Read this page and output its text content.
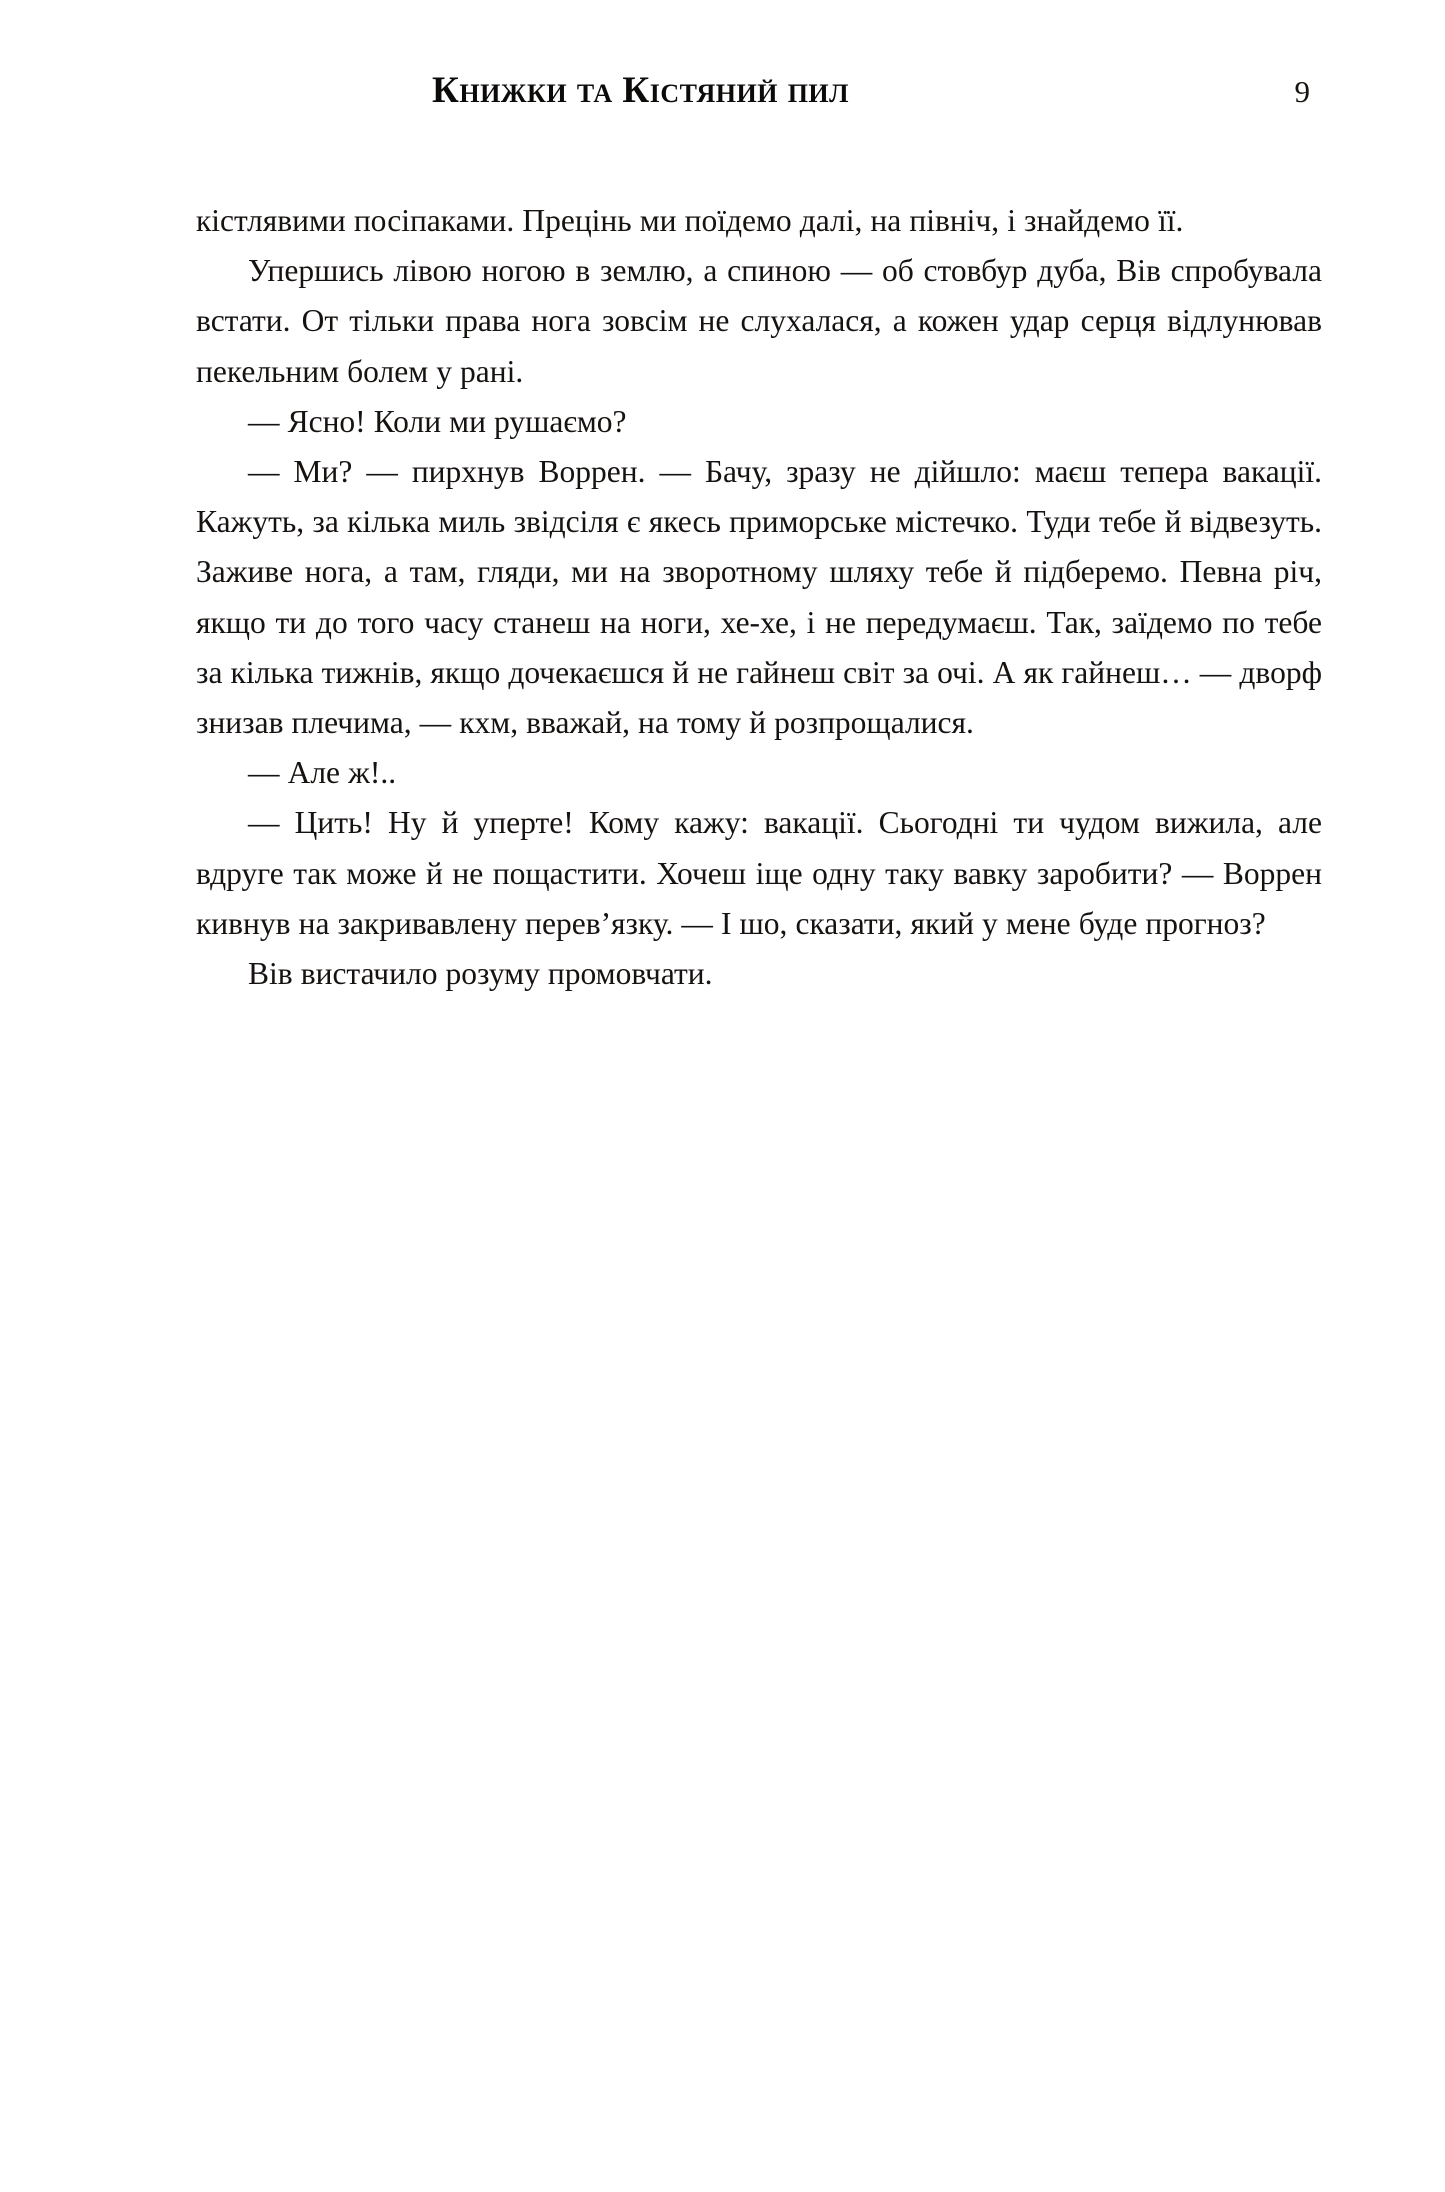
Книжки та Кістяний пил	9

кістлявими посіпаками. Прецінь ми поїдемо далі, на північ, і знайдемо її.

Упершись лівою ногою в землю, а спиною — об стовбур дуба, Вів спробувала встати. От тільки права нога зовсім не слухалася, а кожен удар серця відлунював пекельним болем у рані.

— Ясно! Коли ми рушаємо?

— Ми? — пирхнув Воррен. — Бачу, зразу не дійшло: маєш тепера вакації. Кажуть, за кілька миль звідсіля є якесь приморське містечко. Туди тебе й відвезуть. Заживе нога, а там, гляди, ми на зворотному шляху тебе й підберемо. Певна річ, якщо ти до того часу станеш на ноги, хе-хе, і не передумаєш. Так, заїдемо по тебе за кілька тижнів, якщо дочекаєшся й не гайнеш світ за очі. А як гайнеш… — дворф знизав плечима, — кхм, вважай, на тому й розпрощалися.

— Але ж!..

— Цить! Ну й уперте! Кому кажу: вакації. Сьогодні ти чудом вижила, але вдруге так може й не пощастити. Хочеш іще одну таку вавку заробити? — Воррен кивнув на закривавлену перев’язку. — І шо, сказати, який у мене буде прогноз?

Вів вистачило розуму промовчати.
